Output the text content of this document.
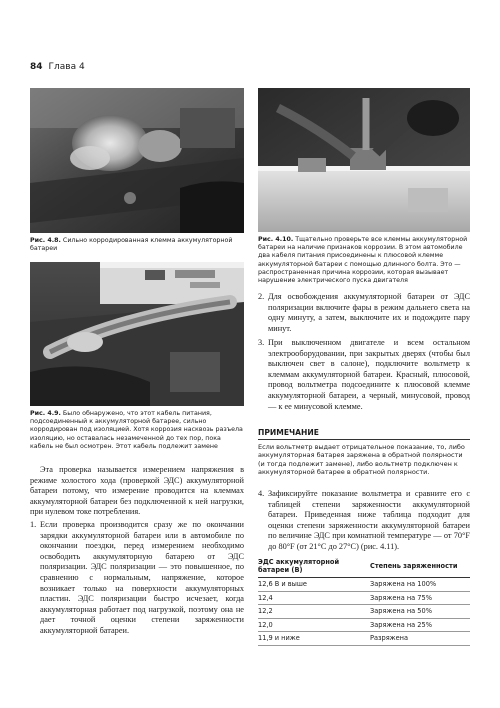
84 Глава 4
Рис. 4.8. Сильно корродированная клемма аккумуляторной батареи
Рис. 4.9. Было обнаружено, что этот кабель питания, подсоединенный к аккумуляторной батарее, сильно корродирован под изоляцией. Хотя коррозия насквозь разъела изоляцию, но оставалась незамеченной до тех пор, пока кабель не был осмотрен. Этот кабель подлежит замене
Рис. 4.10. Тщательно проверьте все клеммы аккумуляторной батареи на наличие признаков коррозии. В этом автомобиле два кабеля питания присоединены к плюсовой клемме аккумуляторной батареи с помощью длинного болта. Это — распространенная причина коррозии, которая вызывает нарушение электрического пуска двигателя
Эта проверка называется измерением напряжения в режиме холостого хода (проверкой ЭДС) аккумуляторной батареи потому, что измерение проводится на клеммах аккумуляторной батареи без подключенной к ней нагрузки, при нулевом токе потребления.
1. Если проверка производится сразу же по окончании зарядки аккумуляторной батареи или в автомобиле по окончании поездки, перед измерением необходимо освободить аккумуляторную батарею от ЭДС поляризации. ЭДС поляризации — это повышенное, по сравнению с нормальным, напряжение, которое возникает только на поверхности аккумуляторных пластин. ЭДС поляризации быстро исчезает, когда аккумуляторная работает под нагрузкой, поэтому она не дает точной оценки степени заряженности аккумуляторной батареи.
2. Для освобождения аккумуляторной батареи от ЭДС поляризации включите фары в режим дальнего света на одну минуту, а затем, выключите их и подождите пару минут.
3. При выключенном двигателе и всем остальном электрооборудовании, при закрытых дверях (чтобы был выключен свет в салоне), подключите вольтметр к клеммам аккумуляторной батареи. Красный, плюсовой, провод вольтметра подсоедините к плюсовой клемме аккумуляторной батареи, а черный, минусовой, провод — к ее минусовой клемме.
ПРИМЕЧАНИЕ
Если вольтметр выдает отрицательное показание, то, либо аккумуляторная батарея заряжена в обратной полярности (и тогда подлежит замене), либо вольтметр подключен к аккумуляторной батарее в обратной полярности.
4. Зафиксируйте показание вольтметра и сравните его с таблицей степени заряженности аккумуляторной батареи. Приведенная ниже таблица подходит для оценки степени заряженности аккумуляторной батареи по величине ЭДС при комнатной температуре — от 70°F до 80°F (от 21°С до 27°С) (рис. 4.11).
ЭДС аккумуляторной батареи (В)	Степень заряженности
12,6 В и выше	Заряжена на 100%
12,4	Заряжена на 75%
12,2	Заряжена на 50%
12,0	Заряжена на 25%
11,9 и ниже	Разряжена
